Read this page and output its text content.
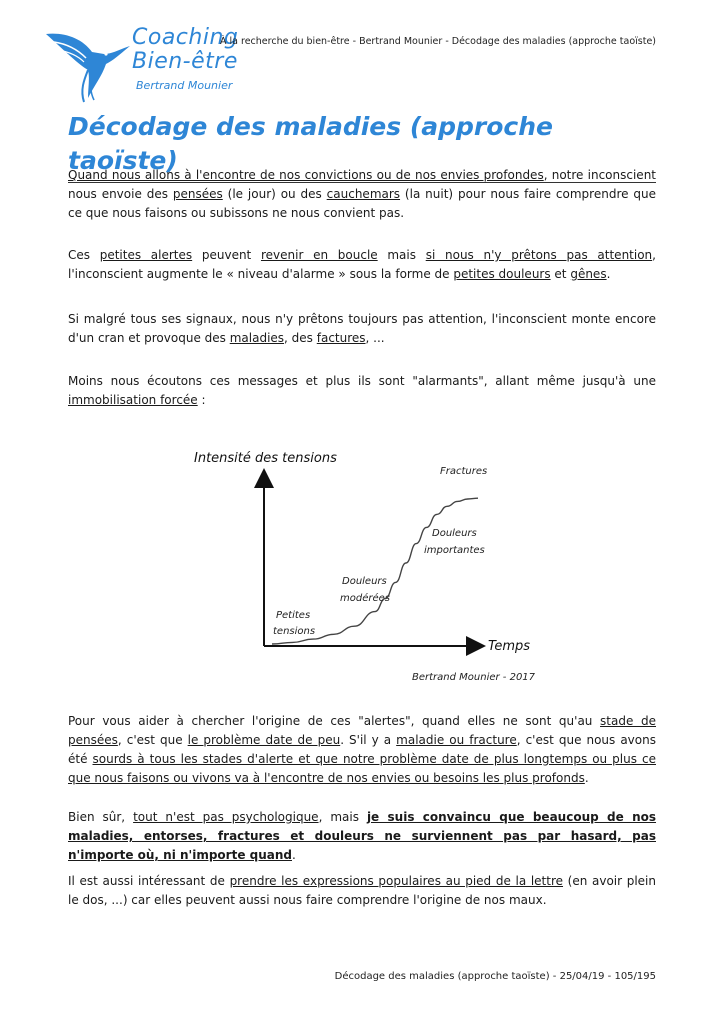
Coaching
Bien-être
Bertrand Mounier
À la recherche du bien-être - Bertrand Mounier - Décodage des maladies (approche taoïste)
Décodage des maladies (approche taoïste)
Quand nous allons à l'encontre de nos convictions ou de nos envies profondes, notre inconscient nous envoie des pensées (le jour) ou des cauchemars (la nuit) pour nous faire comprendre que ce que nous faisons ou subissons ne nous convient pas.
Ces petites alertes peuvent revenir en boucle mais si nous n'y prêtons pas attention, l'inconscient augmente le « niveau d'alarme » sous la forme de petites douleurs et gênes.
Si malgré tous ses signaux, nous n'y prêtons toujours pas attention, l'inconscient monte encore d'un cran et provoque des maladies, des factures, ...
Moins nous écoutons ces messages et plus ils sont "alarmants", allant même jusqu'à une immobilisation forcée :
Intensité des tensions
Temps
Petites
tensions
Douleurs
modérées
Douleurs
importantes
Fractures
Bertrand Mounier - 2017
Pour vous aider à chercher l'origine de ces "alertes", quand elles ne sont qu'au stade de pensées, c'est que le problème date de peu. S'il y a maladie ou fracture, c'est que nous avons été sourds à tous les stades d'alerte et que notre problème date de plus longtemps ou plus ce que nous faisons ou vivons va à l'encontre de nos envies ou besoins les plus profonds.
Bien sûr, tout n'est pas psychologique, mais je suis convaincu que beaucoup de nos maladies, entorses, fractures et douleurs ne surviennent pas par hasard, pas n'importe où, ni n'importe quand.
Il est aussi intéressant de prendre les expressions populaires au pied de la lettre (en avoir plein le dos, ...) car elles peuvent aussi nous faire comprendre l'origine de nos maux.
Décodage des maladies (approche taoïste) - 25/04/19 - 105/195
